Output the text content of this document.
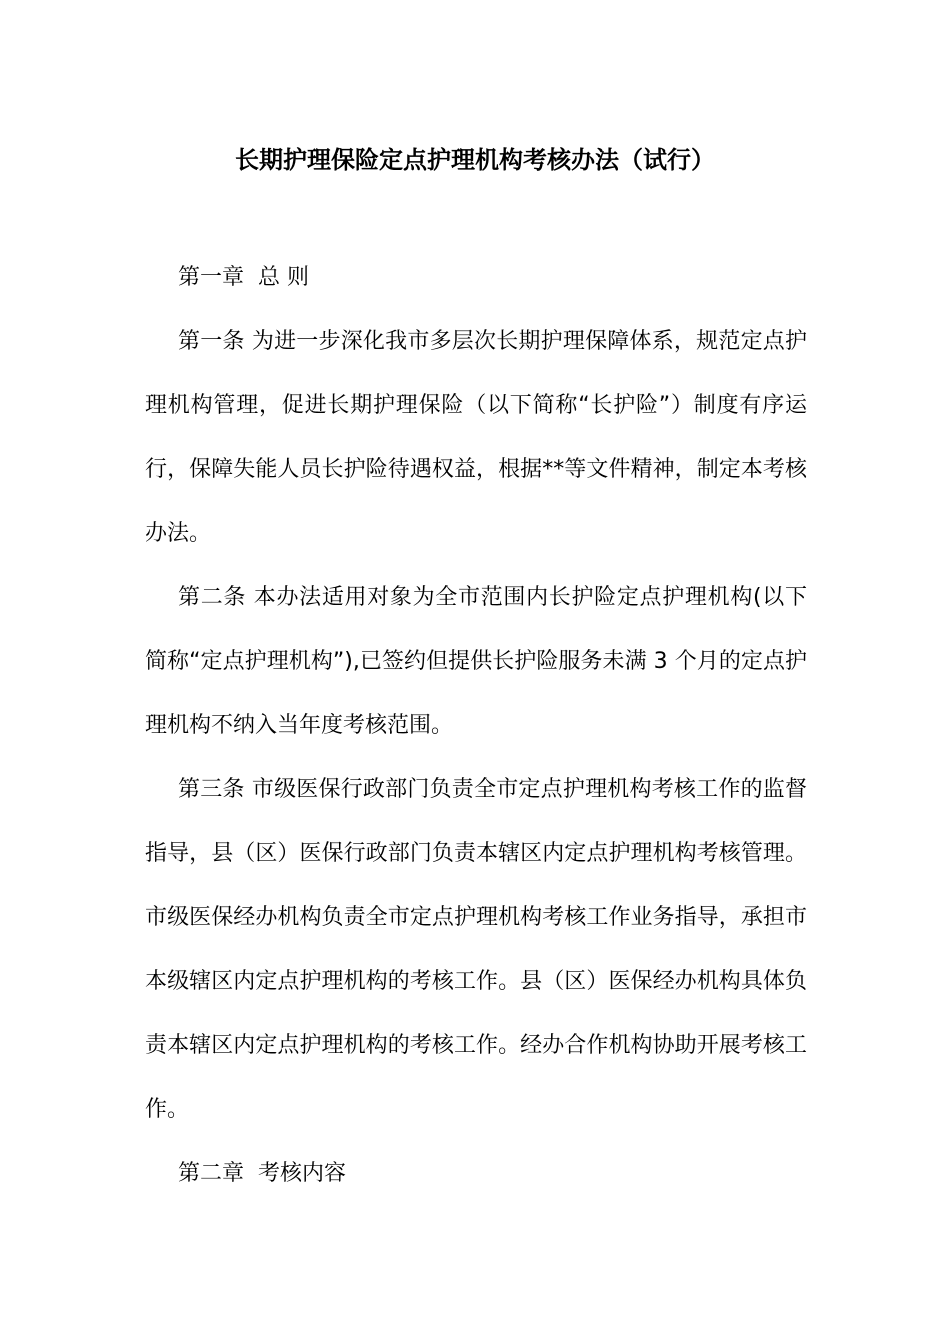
长期护理保险定点护理机构考核办法（试行）

第一章  总 则

第一条 为进一步深化我市多层次长期护理保障体系，规范定点护理机构管理，促进长期护理保险（以下简称“长护险”）制度有序运行，保障失能人员长护险待遇权益，根据**等文件精神，制定本考核办法。

第二条 本办法适用对象为全市范围内长护险定点护理机构(以下简称“定点护理机构”),已签约但提供长护险服务未满 3 个月的定点护理机构不纳入当年度考核范围。

第三条 市级医保行政部门负责全市定点护理机构考核工作的监督指导，县（区）医保行政部门负责本辖区内定点护理机构考核管理。市级医保经办机构负责全市定点护理机构考核工作业务指导，承担市本级辖区内定点护理机构的考核工作。县（区）医保经办机构具体负责本辖区内定点护理机构的考核工作。经办合作机构协助开展考核工作。

第二章  考核内容
